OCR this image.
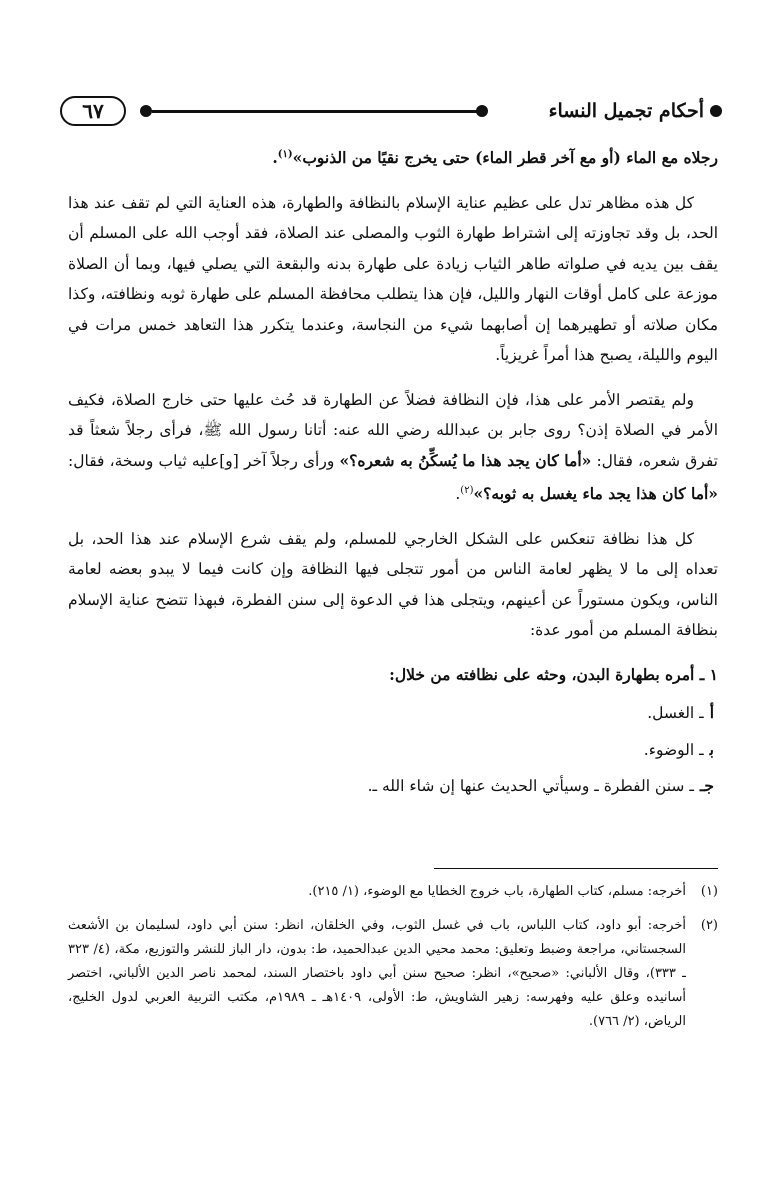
٦٧	أحكام تجميل النساء

رجلاه مع الماء (أو مع آخر قطر الماء) حتى يخرج نقيًا من الذنوب»$^{(١)}$.

كل هذه مظاهر تدل على عظيم عناية الإسلام بالنظافة والطهارة، هذه العناية التي لم تقف عند هذا الحد، بل وقد تجاوزته إلى اشتراط طهارة الثوب والمصلى عند الصلاة، فقد أوجب الله على المسلم أن يقف بين يديه في صلواته طاهر الثياب زيادة على طهارة بدنه والبقعة التي يصلي فيها، وبما أن الصلاة موزعة على كامل أوقات النهار والليل، فإن هذا يتطلب محافظة المسلم على طهارة ثوبه ونظافته، وكذا مكان صلاته أو تطهيرهما إن أصابهما شيء من النجاسة، وعندما يتكرر هذا التعاهد خمس مرات في اليوم والليلة، يصبح هذا أمراً غريزياً.

ولم يقتصر الأمر على هذا، فإن النظافة فضلاً عن الطهارة قد حُث عليها حتى خارج الصلاة، فكيف الأمر في الصلاة إذن؟ روى جابر بن عبدالله رضي الله عنه: أتانا رسول الله ﷺ، فرأى رجلاً شعثاً قد تفرق شعره، فقال: «أما كان يجد هذا ما يُسكِّنُ به شعره؟» ورأى رجلاً آخر [و]عليه ثياب وسخة، فقال: «أما كان هذا يجد ماء يغسل به ثوبه؟»$^{(٢)}$.

كل هذا نظافة تنعكس على الشكل الخارجي للمسلم، ولم يقف شرع الإسلام عند هذا الحد، بل تعداه إلى ما لا يظهر لعامة الناس من أمور تتجلى فيها النظافة وإن كانت فيما لا يبدو بعضه لعامة الناس، ويكون مستوراً عن أعينهم، ويتجلى هذا في الدعوة إلى سنن الفطرة، فبهذا تتضح عناية الإسلام بنظافة المسلم من أمور عدة:

١ ـ أمره بطهارة البدن، وحثه على نظافته من خلال:

أـ الغسل.

بـ الوضوء.

جــ سنن الفطرة ـ وسيأتي الحديث عنها إن شاء الله ـ.

(١)
أخرجه: مسلم، كتاب الطهارة، باب خروج الخطايا مع الوضوء، (١/ ٢١٥).
(٢)
أخرجه: أبو داود، كتاب اللباس، باب في غسل الثوب، وفي الخلقان، انظر: سنن أبي داود، لسليمان بن الأشعث السجستاني، مراجعة وضبط وتعليق: محمد محيي الدين عبدالحميد، ط: بدون، دار الباز للنشر والتوزيع، مكة، (٤/ ٣٢٣ ـ ٣٣٣)، وقال الألباني: «صحيح»، انظر: صحيح سنن أبي داود باختصار السند، لمحمد ناصر الدين الألباني، اختصر أسانيده وعلق عليه وفهرسه: زهير الشاويش، ط: الأولى، ١٤٠٩هـ ـ ١٩٨٩م، مكتب التربية العربي لدول الخليج، الرياض، (٢/ ٧٦٦).
